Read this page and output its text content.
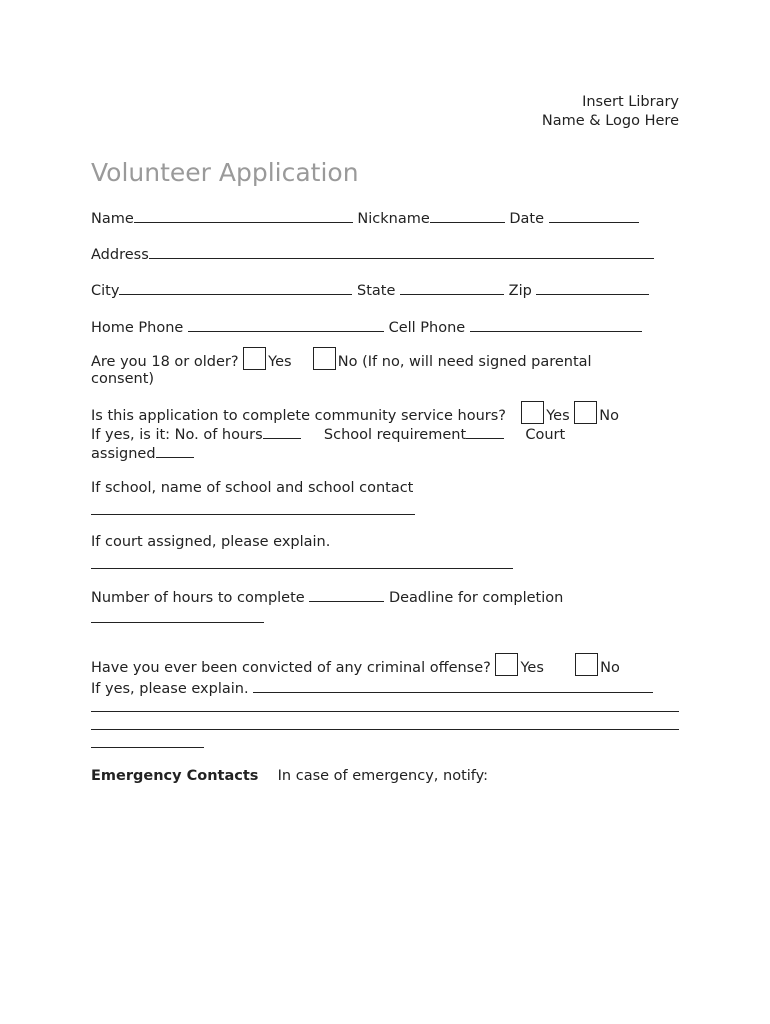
Insert Library
Name & Logo Here
Volunteer Application
Name	Nickname	Date
Address
City	State	Zip
Home Phone	Cell Phone
Are you 18 or older? Yes	No (If no, will need signed parental
consent)
Is this application to complete community service hours?	Yes No
If yes, is it: No. of hours	School requirement	Court
assigned
If school, name of school and school contact
If court assigned, please explain.
Number of hours to complete	Deadline for completion
Have you ever been convicted of any criminal offense? Yes	No
If yes, please explain.
Emergency Contacts In case of emergency, notify:
